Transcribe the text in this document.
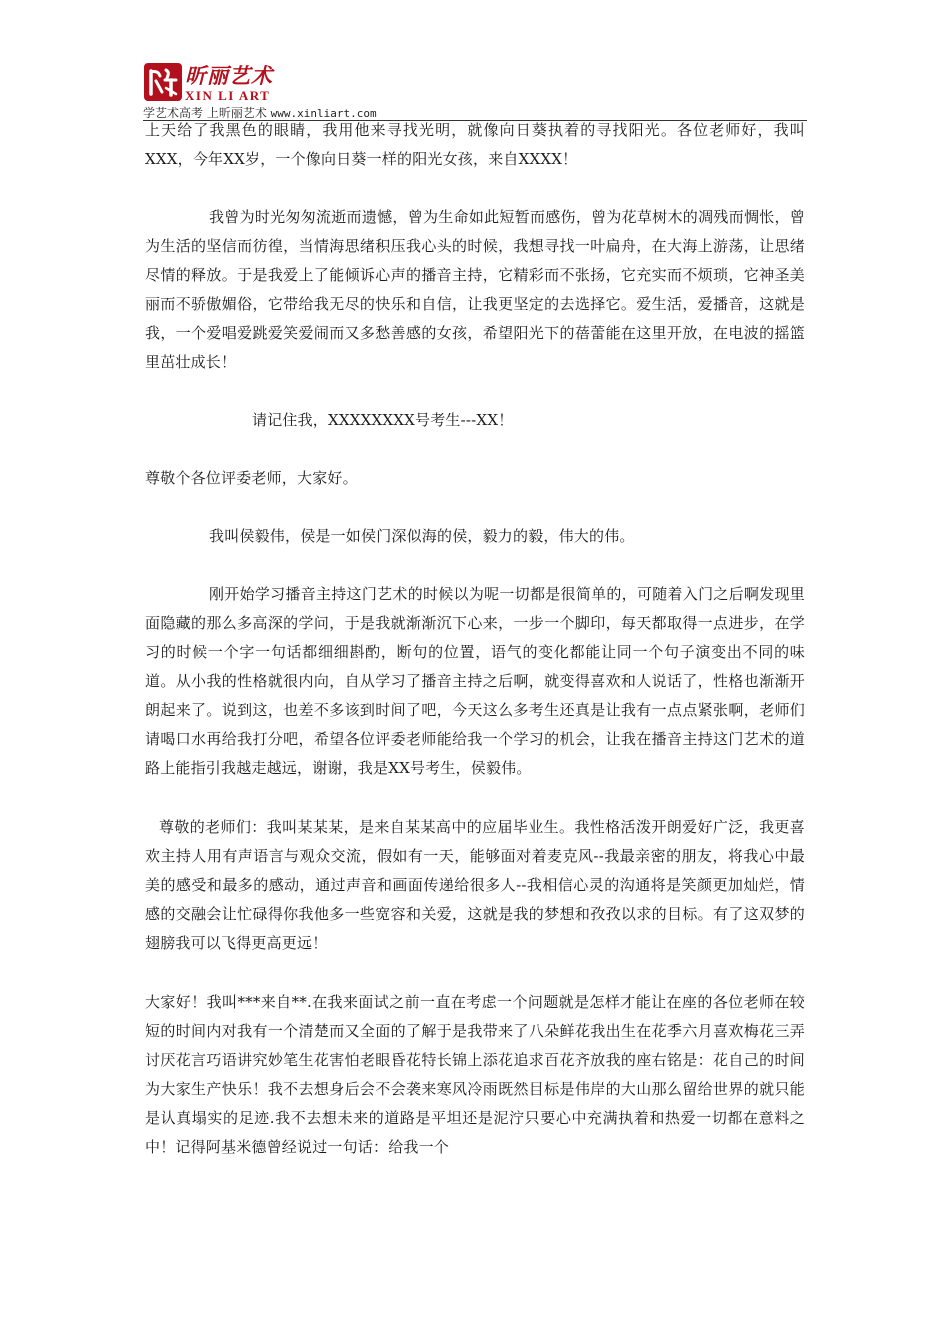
昕丽艺术
XIN LI ART
学艺术高考 上昕丽艺术 www.xinliart.com

上天给了我黑色的眼睛，我用他来寻找光明，就像向日葵执着的寻找阳光。各位老师好，我叫XXX，今年XX岁，一个像向日葵一样的阳光女孩，来自XXXX！

我曾为时光匆匆流逝而遗憾，曾为生命如此短暂而感伤，曾为花草树木的凋残而惆怅，曾为生活的坚信而彷徨，当情海思绪积压我心头的时候，我想寻找一叶扁舟，在大海上游荡，让思绪尽情的释放。于是我爱上了能倾诉心声的播音主持，它精彩而不张扬，它充实而不烦琐，它神圣美丽而不骄傲媚俗，它带给我无尽的快乐和自信，让我更坚定的去选择它。爱生活，爱播音，这就是我，一个爱唱爱跳爱笑爱闹而又多愁善感的女孩，希望阳光下的蓓蕾能在这里开放，在电波的摇篮里茁壮成长！

请记住我，XXXXXXXX号考生---XX！

尊敬个各位评委老师，大家好。

我叫侯毅伟，侯是一如侯门深似海的侯，毅力的毅，伟大的伟。

刚开始学习播音主持这门艺术的时候以为呢一切都是很简单的，可随着入门之后啊发现里面隐藏的那么多高深的学问，于是我就渐渐沉下心来，一步一个脚印，每天都取得一点进步，在学习的时候一个字一句话都细细斟酌，断句的位置，语气的变化都能让同一个句子演变出不同的味道。从小我的性格就很内向，自从学习了播音主持之后啊，就变得喜欢和人说话了，性格也渐渐开朗起来了。说到这，也差不多该到时间了吧，今天这么多考生还真是让我有一点点紧张啊，老师们请喝口水再给我打分吧，希望各位评委老师能给我一个学习的机会，让我在播音主持这门艺术的道路上能指引我越走越远，谢谢，我是XX号考生，侯毅伟。

尊敬的老师们：我叫某某某，是来自某某高中的应届毕业生。我性格活泼开朗爱好广泛，我更喜欢主持人用有声语言与观众交流，假如有一天，能够面对着麦克风--我最亲密的朋友，将我心中最美的感受和最多的感动，通过声音和画面传递给很多人--我相信心灵的沟通将是笑颜更加灿烂，情感的交融会让忙碌得你我他多一些宽容和关爱，这就是我的梦想和孜孜以求的目标。有了这双梦的翅膀我可以飞得更高更远！

大家好！我叫***来自**.在我来面试之前一直在考虑一个问题就是怎样才能让在座的各位老师在较短的时间内对我有一个清楚而又全面的了解于是我带来了八朵鲜花我出生在花季六月喜欢梅花三弄讨厌花言巧语讲究妙笔生花害怕老眼昏花特长锦上添花追求百花齐放我的座右铭是：花自己的时间为大家生产快乐！我不去想身后会不会袭来寒风冷雨既然目标是伟岸的大山那么留给世界的就只能是认真塌实的足迹.我不去想未来的道路是平坦还是泥泞只要心中充满执着和热爱一切都在意料之中！记得阿基米德曾经说过一句话：给我一个
